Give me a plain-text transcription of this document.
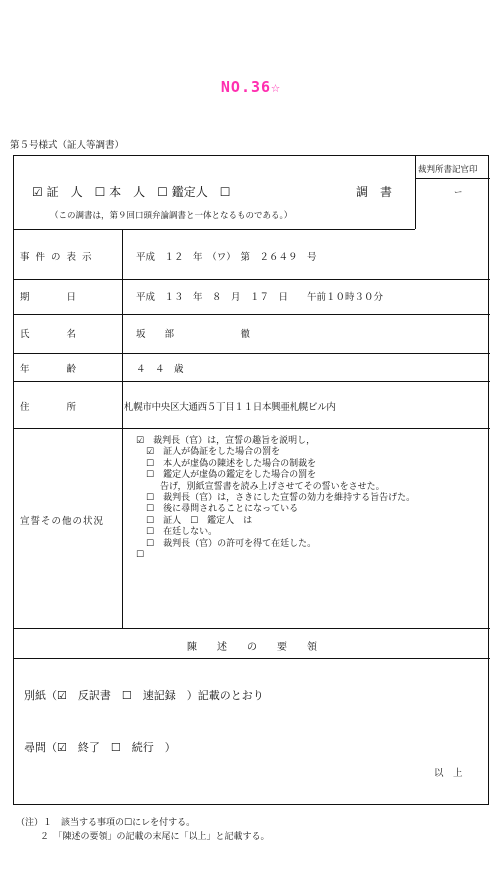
NO.36☆
第５号様式（証人等調書）
☑ 証　人　☐ 本　人　☐ 鑑定人　☐	調　書
（この調書は，第９回口頭弁論調書と一体となるものである。）
裁判所書記官印
ー
事件の表示	平成　１２　年　（ワ）　第　２６４９　号
期　　日	平成　１３　年　８　月　１７　日　　午前１０時３０分
氏　　名	坂　　部　　　　　　　徹
年　　齢	４　４　歳
住　　所	札幌市中央区大通西５丁目１１日本興亜札幌ビル内
宣誓その他の状況
☑　裁判長（官）は，宣誓の趣旨を説明し，
☑　証人が偽証をした場合の罰を
☐　本人が虚偽の陳述をした場合の制裁を
☐　鑑定人が虚偽の鑑定をした場合の罰を
告げ，別紙宣誓書を読み上げさせてその誓いをさせた。
☐　裁判長（官）は，さきにした宣誓の効力を維持する旨告げた。
☐　後に尋問されることになっている
☐　証人　☐　鑑定人　は
☐　在廷しない。
☐　裁判長（官）の許可を得て在廷した。
☐
陳　　述　　の　　要　　領
別紙（☑　反訳書　☐　速記録　）記載のとおり
尋問（☑　終了　☐　続行　）
以　上
（注）１　該当する事項の☐にレを付する。
２　「陳述の要領」の記載の末尾に「以上」と記載する。
